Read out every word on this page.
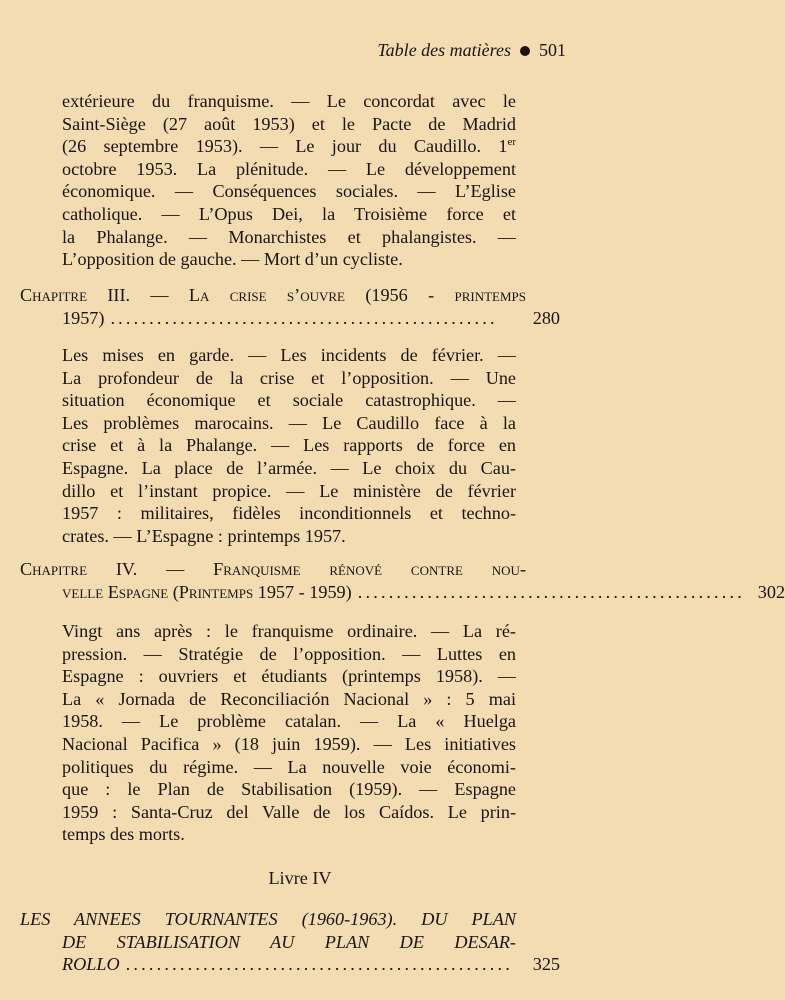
Table des matières 501
extérieure du franquisme. — Le concordat avec le
Saint-Siège (27 août 1953) et le Pacte de Madrid
(26 septembre 1953). — Le jour du Caudillo. 1er
octobre 1953. La plénitude. — Le développement
économique. — Conséquences sociales. — L’Eglise
catholique. — L’Opus Dei, la Troisième force et
la Phalange. — Monarchistes et phalangistes. —
L’opposition de gauche. — Mort d’un cycliste.
Chapitre III. — La crise s’ouvre (1956 - printemps
1957) ..................................................	280
Les mises en garde. — Les incidents de février. —
La profondeur de la crise et l’opposition. — Une
situation économique et sociale catastrophique. —
Les problèmes marocains. — Le Caudillo face à la
crise et à la Phalange. — Les rapports de force en
Espagne. La place de l’armée. — Le choix du Cau-
dillo et l’instant propice. — Le ministère de février
1957 : militaires, fidèles inconditionnels et techno-
crates. — L’Espagne : printemps 1957.
Chapitre IV. — Franquisme rénové contre nou-
velle Espagne (Printemps 1957 - 1959) .................................................. 302
Vingt ans après : le franquisme ordinaire. — La ré-
pression. — Stratégie de l’opposition. — Luttes en
Espagne : ouvriers et étudiants (printemps 1958). —
La « Jornada de Reconciliación Nacional » : 5 mai
1958. — Le problème catalan. — La « Huelga
Nacional Pacifica » (18 juin 1959). — Les initiatives
politiques du régime. — La nouvelle voie économi-
que : le Plan de Stabilisation (1959). — Espagne
1959 : Santa-Cruz del Valle de los Caídos. Le prin-
temps des morts.
Livre IV
LES ANNEES TOURNANTES (1960-1963). DU PLAN
DE STABILISATION AU PLAN DE DESAR-
ROLLO ..................................................	325
